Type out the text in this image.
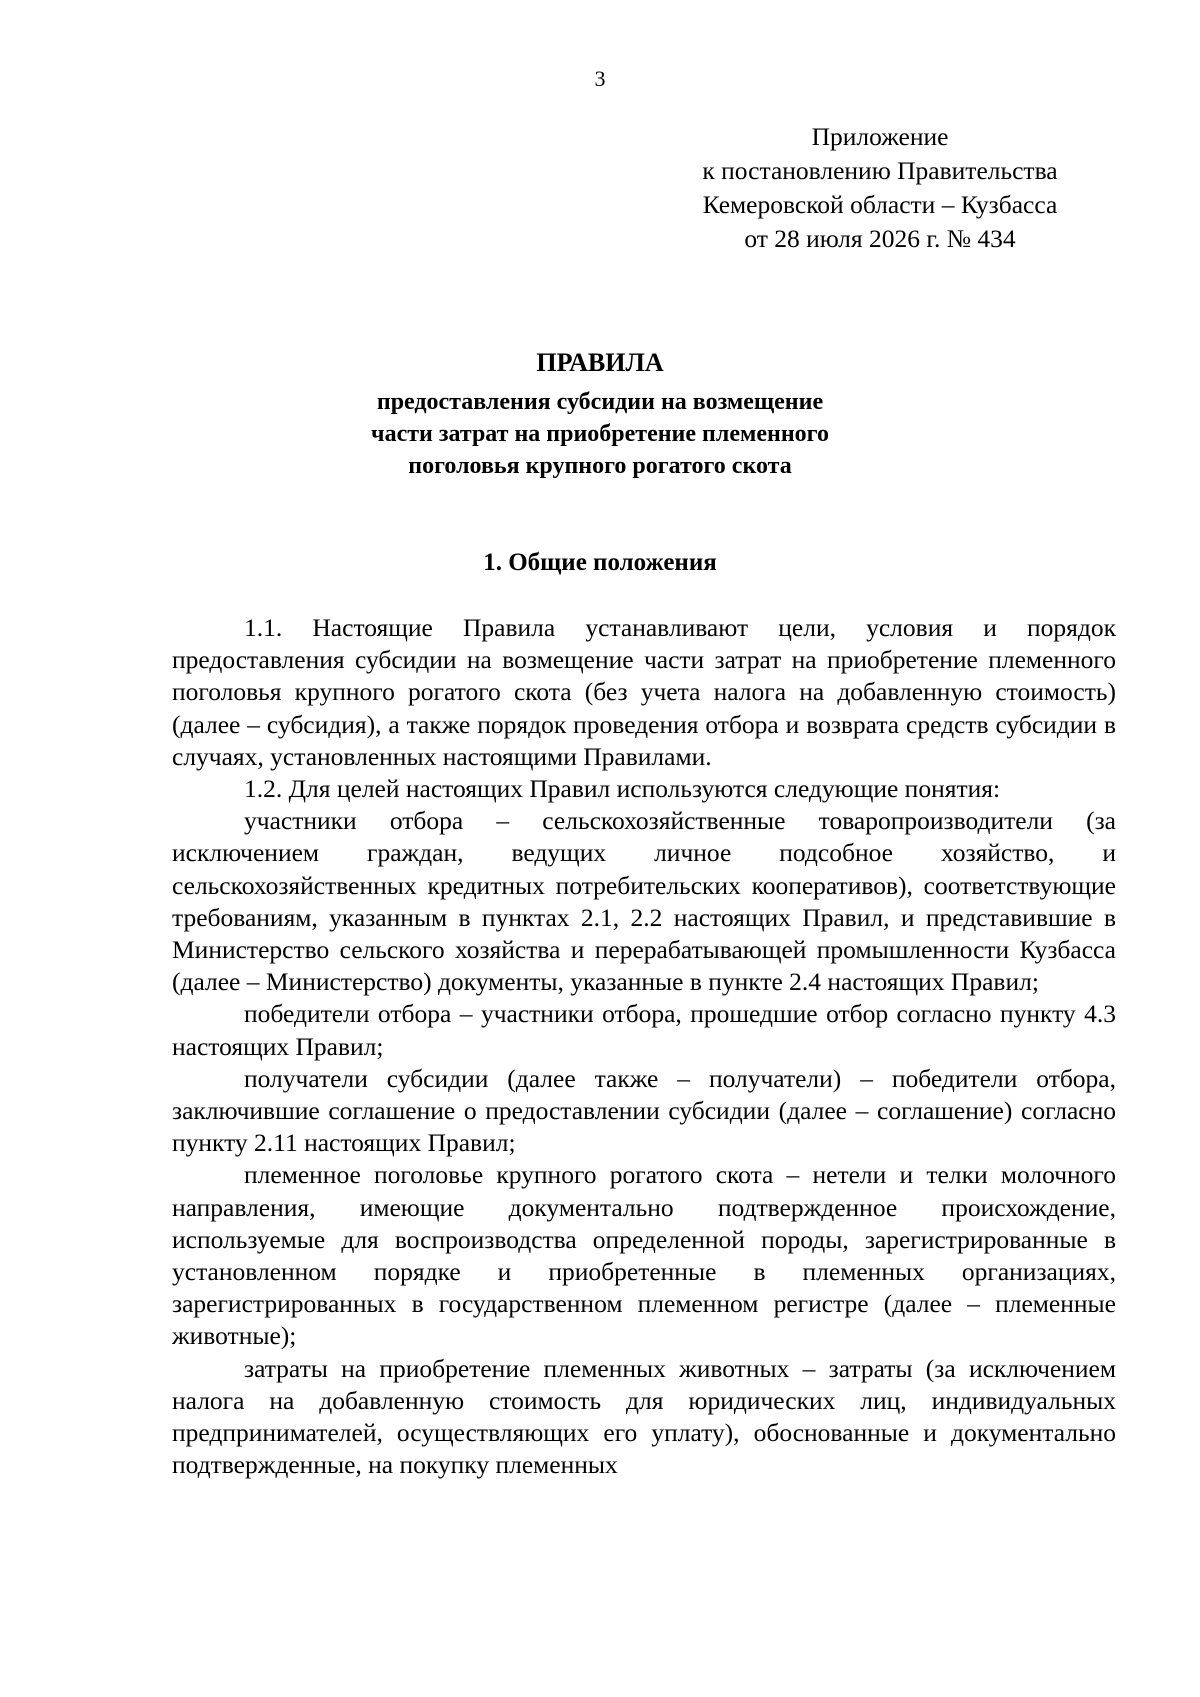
3
Приложение
к постановлению Правительства
Кемеровской области – Кузбасса
от 28 июля 2026 г. № 434
ПРАВИЛА
предоставления субсидии на возмещение
части затрат на приобретение племенного
поголовья крупного рогатого скота
1. Общие положения

1.1. Настоящие Правила устанавливают цели, условия и порядок предоставления субсидии на возмещение части затрат на приобретение племенного поголовья крупного рогатого скота (без учета налога на добавленную стоимость) (далее – субсидия), а также порядок проведения отбора и возврата средств субсидии в случаях, установленных настоящими Правилами.

1.2. Для целей настоящих Правил используются следующие понятия:

участники отбора – сельскохозяйственные товаропроизводители (за исключением граждан, ведущих личное подсобное хозяйство, и сельскохозяйственных кредитных потребительских кооперативов), соответствующие требованиям, указанным в пунктах 2.1, 2.2 настоящих Правил, и представившие в Министерство сельского хозяйства и перерабатывающей промышленности Кузбасса (далее – Министерство) документы, указанные в пункте 2.4 настоящих Правил;

победители отбора – участники отбора, прошедшие отбор согласно пункту 4.3 настоящих Правил;

получатели субсидии (далее также – получатели) – победители отбора, заключившие соглашение о предоставлении субсидии (далее – соглашение) согласно пункту 2.11 настоящих Правил;

племенное поголовье крупного рогатого скота – нетели и телки молочного направления, имеющие документально подтвержденное происхождение, используемые для воспроизводства определенной породы, зарегистрированные в установленном порядке и приобретенные в племенных организациях, зарегистрированных в государственном племенном регистре (далее – племенные животные);

затраты на приобретение племенных животных – затраты (за исключением налога на добавленную стоимость для юридических лиц, индивидуальных предпринимателей, осуществляющих его уплату), обоснованные и документально подтвержденные, на покупку племенных
